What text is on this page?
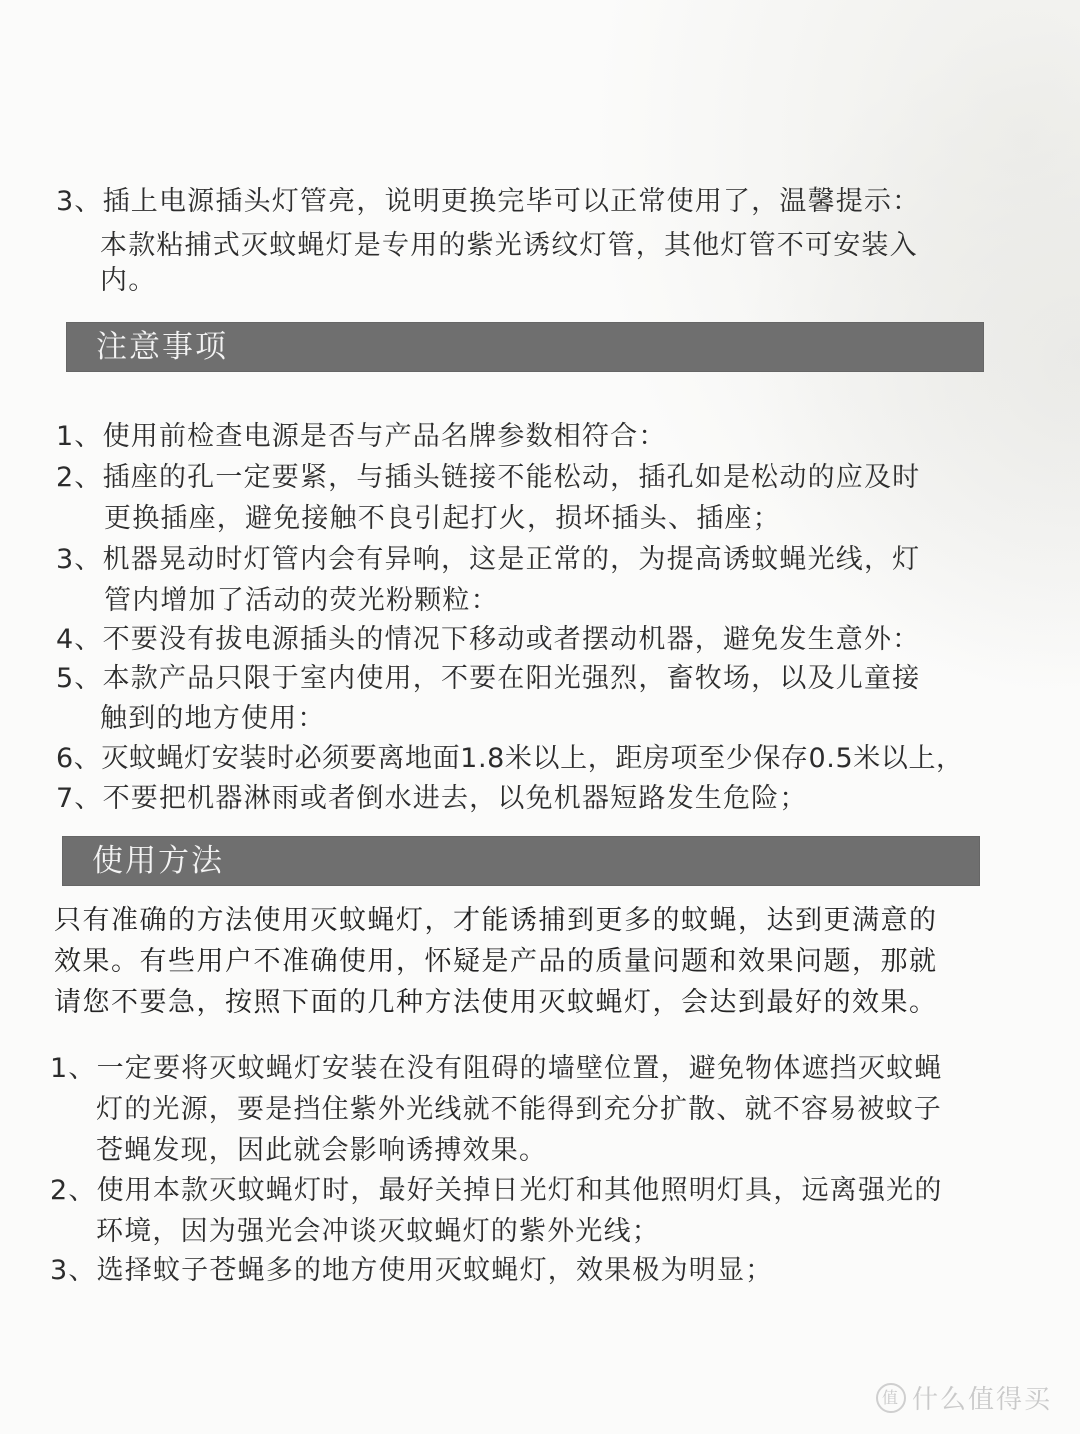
3、插上电源插头灯管亮，说明更换完毕可以正常使用了，温馨提示：
本款粘捕式灭蚊蝇灯是专用的紫光诱纹灯管，其他灯管不可安装入
内。
注意事项
1、使用前检查电源是否与产品名牌参数相符合：
2、插座的孔一定要紧，与插头链接不能松动，插孔如是松动的应及时
更换插座，避免接触不良引起打火，损坏插头、插座；
3、机器晃动时灯管内会有异响，这是正常的，为提高诱蚊蝇光线，灯
管内增加了活动的荧光粉颗粒：
4、不要没有拔电源插头的情况下移动或者摆动机器，避免发生意外：
5、本款产品只限于室内使用，不要在阳光强烈，畜牧场，以及儿童接
触到的地方使用：
6、灭蚊蝇灯安装时必须要离地面1.8米以上，距房项至少保存0.5米以上，
7、不要把机器淋雨或者倒水进去，以免机器短路发生危险；
使用方法
只有准确的方法使用灭蚊蝇灯，才能诱捕到更多的蚊蝇，达到更满意的
效果。有些用户不准确使用，怀疑是产品的质量问题和效果问题，那就
请您不要急，按照下面的几种方法使用灭蚊蝇灯，会达到最好的效果。
1、一定要将灭蚊蝇灯安装在没有阻碍的墙壁位置，避免物体遮挡灭蚊蝇
灯的光源，要是挡住紫外光线就不能得到充分扩散、就不容易被蚊子
苍蝇发现，因此就会影响诱搏效果。
2、使用本款灭蚊蝇灯时，最好关掉日光灯和其他照明灯具，远离强光的
环境，因为强光会冲谈灭蚊蝇灯的紫外光线；
3、选择蚊子苍蝇多的地方使用灭蚊蝇灯，效果极为明显；
值 什么值得买
